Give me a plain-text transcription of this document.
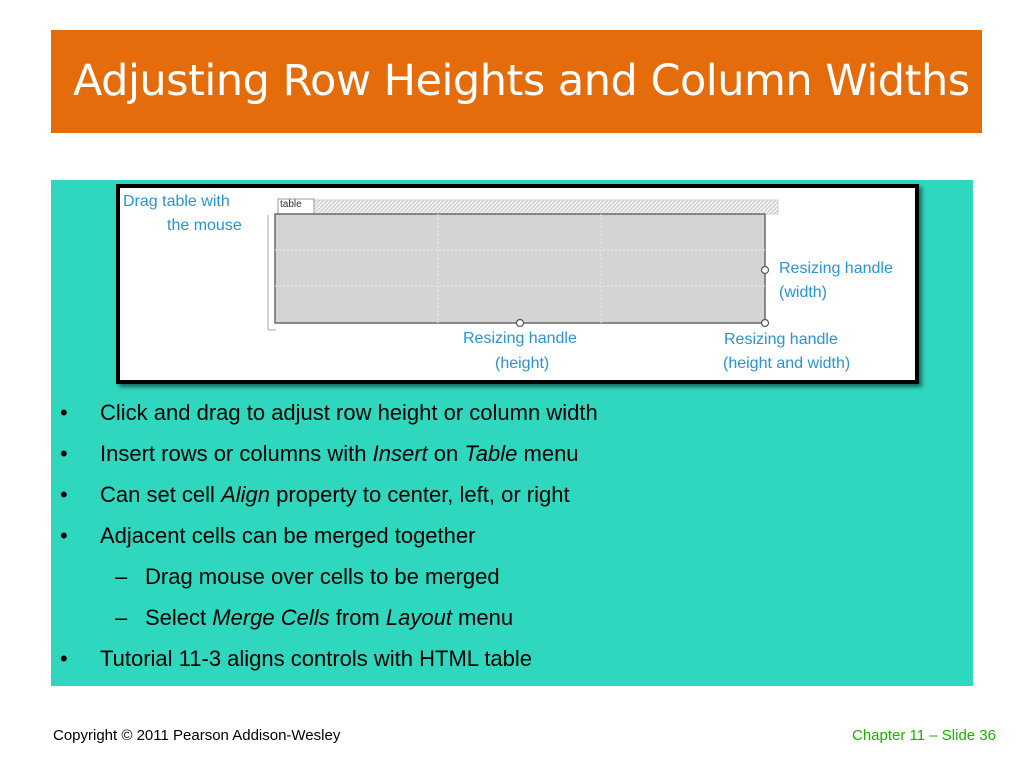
Adjusting Row Heights and Column Widths
table
Drag table with
the mouse
Resizing handle
(width)
Resizing handle
(height)
Resizing handle
(height and width)
• Click and drag to adjust row height or column width
• Insert rows or columns with Insert on Table menu
• Can set cell Align property to center, left, or right
• Adjacent cells can be merged together
– Drag mouse over cells to be merged
– Select Merge Cells from Layout menu
• Tutorial 11-3 aligns controls with HTML table
Copyright © 2011 Pearson Addison-Wesley	Chapter 11 – Slide 36
